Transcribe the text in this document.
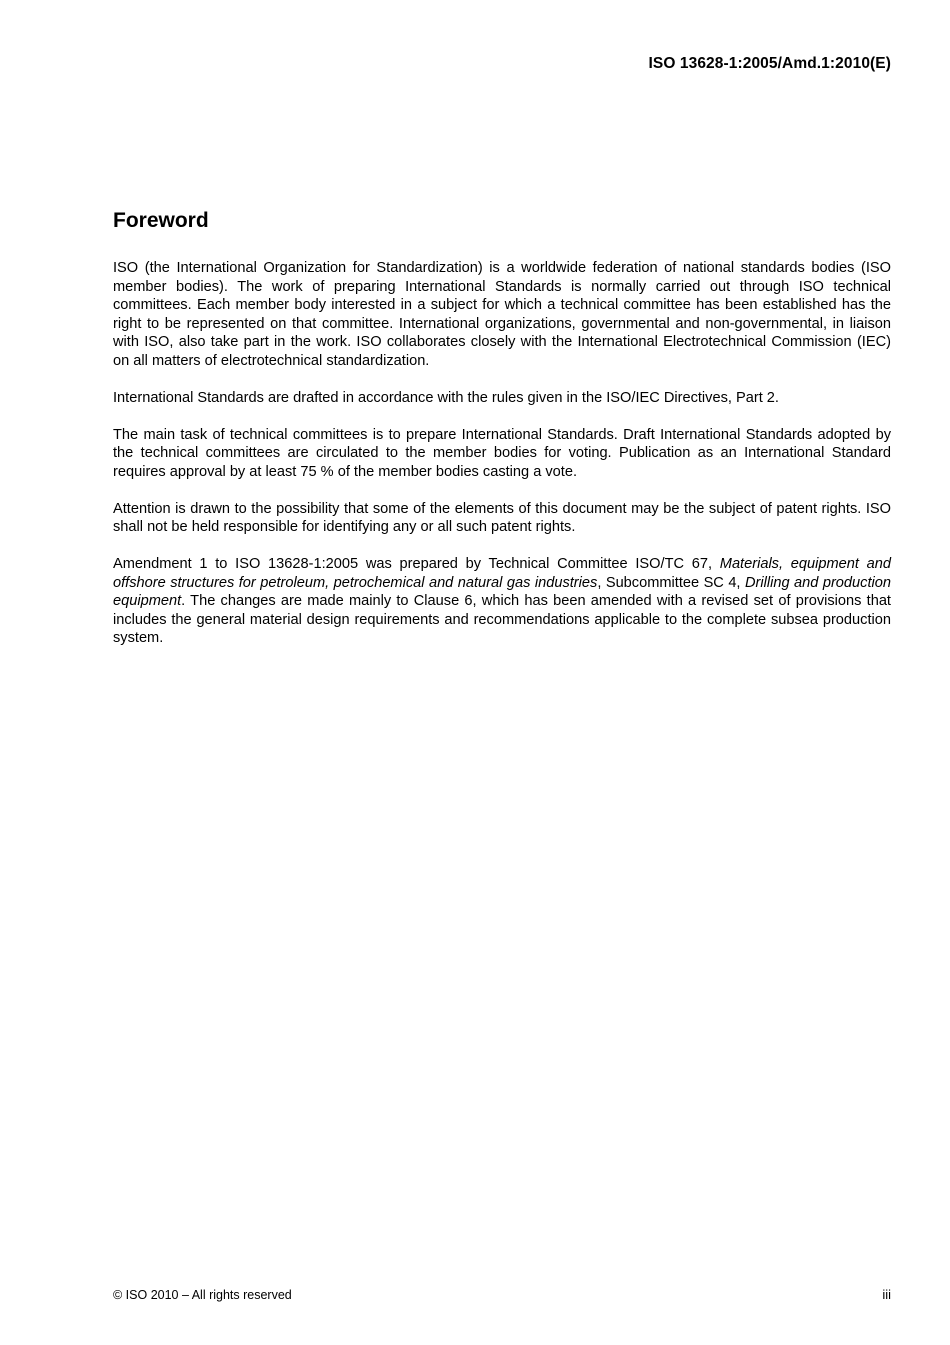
ISO 13628-1:2005/Amd.1:2010(E)
Foreword

ISO (the International Organization for Standardization) is a worldwide federation of national standards bodies (ISO member bodies). The work of preparing International Standards is normally carried out through ISO technical committees. Each member body interested in a subject for which a technical committee has been established has the right to be represented on that committee. International organizations, governmental and non-governmental, in liaison with ISO, also take part in the work. ISO collaborates closely with the International Electrotechnical Commission (IEC) on all matters of electrotechnical standardization.

International Standards are drafted in accordance with the rules given in the ISO/IEC Directives, Part 2.

The main task of technical committees is to prepare International Standards. Draft International Standards adopted by the technical committees are circulated to the member bodies for voting. Publication as an International Standard requires approval by at least 75 % of the member bodies casting a vote.

Attention is drawn to the possibility that some of the elements of this document may be the subject of patent rights. ISO shall not be held responsible for identifying any or all such patent rights.

Amendment 1 to ISO 13628-1:2005 was prepared by Technical Committee ISO/TC 67, Materials, equipment and offshore structures for petroleum, petrochemical and natural gas industries, Subcommittee SC 4, Drilling and production equipment. The changes are made mainly to Clause 6, which has been amended with a revised set of provisions that includes the general material design requirements and recommendations applicable to the complete subsea production system.

© ISO 2010 – All rights reserved	iii
